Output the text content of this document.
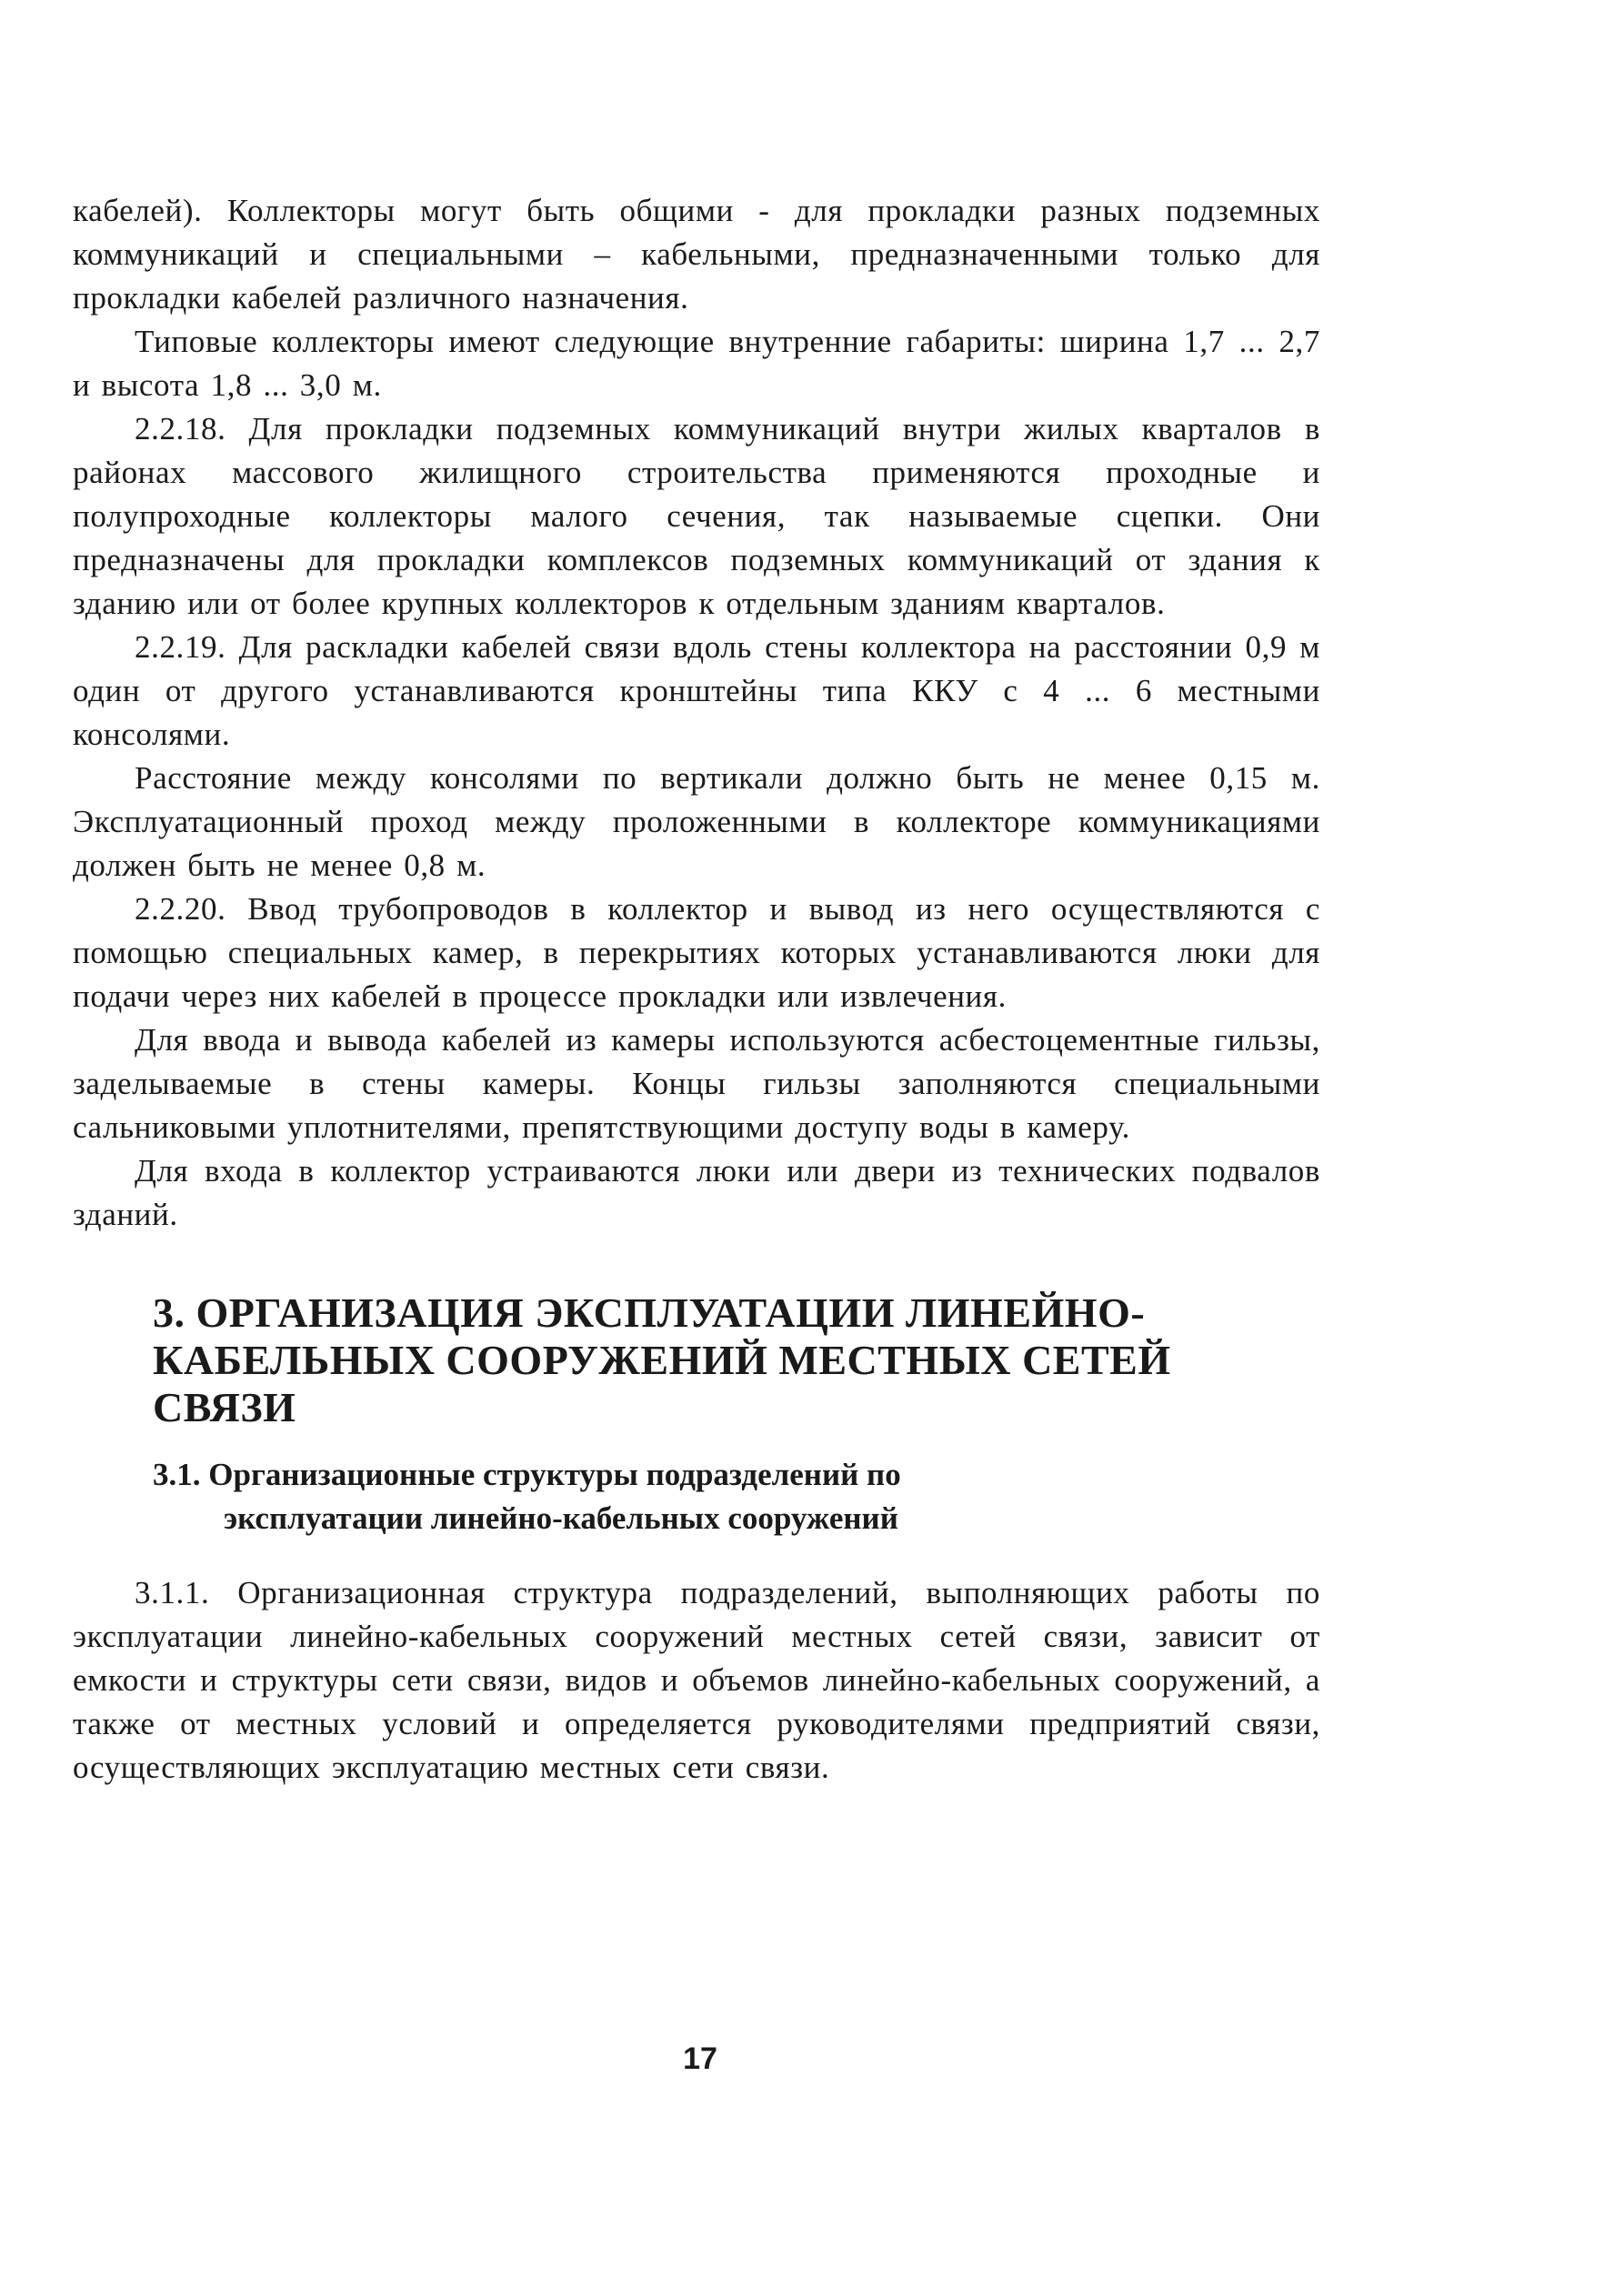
кабелей). Коллекторы могут быть общими - для прокладки разных подземных коммуникаций и специальными – кабельными, предназначенными только для прокладки кабелей различного назначения.

Типовые коллекторы имеют следующие внутренние габариты: ширина 1,7 ... 2,7 и высота 1,8 ... 3,0 м.

2.2.18. Для прокладки подземных коммуникаций внутри жилых кварталов в районах массового жилищного строительства применяются проходные и полупроходные коллекторы малого сечения, так называемые сцепки. Они предназначены для прокладки комплексов подземных коммуникаций от здания к зданию или от более крупных коллекторов к отдельным зданиям кварталов.

2.2.19. Для раскладки кабелей связи вдоль стены коллектора на расстоянии 0,9 м один от другого устанавливаются кронштейны типа ККУ с 4 ... 6 местными консолями.

Расстояние между консолями по вертикали должно быть не менее 0,15 м. Эксплуатационный проход между проложенными в коллекторе коммуникациями должен быть не менее 0,8 м.

2.2.20. Ввод трубопроводов в коллектор и вывод из него осуществляются с помощью специальных камер, в перекрытиях которых устанавливаются люки для подачи через них кабелей в процессе прокладки или извлечения.

Для ввода и вывода кабелей из камеры используются асбестоцементные гильзы, заделываемые в стены камеры. Концы гильзы заполняются специальными сальниковыми уплотнителями, препятствующими доступу воды в камеру.

Для входа в коллектор устраиваются люки или двери из технических подвалов зданий.

3. ОРГАНИЗАЦИЯ ЭКСПЛУАТАЦИИ ЛИНЕЙНО-КАБЕЛЬНЫХ СООРУЖЕНИЙ МЕСТНЫХ СЕТЕЙ СВЯЗИ
3.1. Организационные структуры подразделений по
эксплуатации линейно-кабельных сооружений

3.1.1. Организационная структура подразделений, выполняющих работы по эксплуатации линейно-кабельных сооружений местных сетей связи, зависит от емкости и структуры сети связи, видов и объемов линейно-кабельных сооружений, а также от местных условий и определяется руководителями предприятий связи, осуществляющих эксплуатацию местных сети связи.

17
